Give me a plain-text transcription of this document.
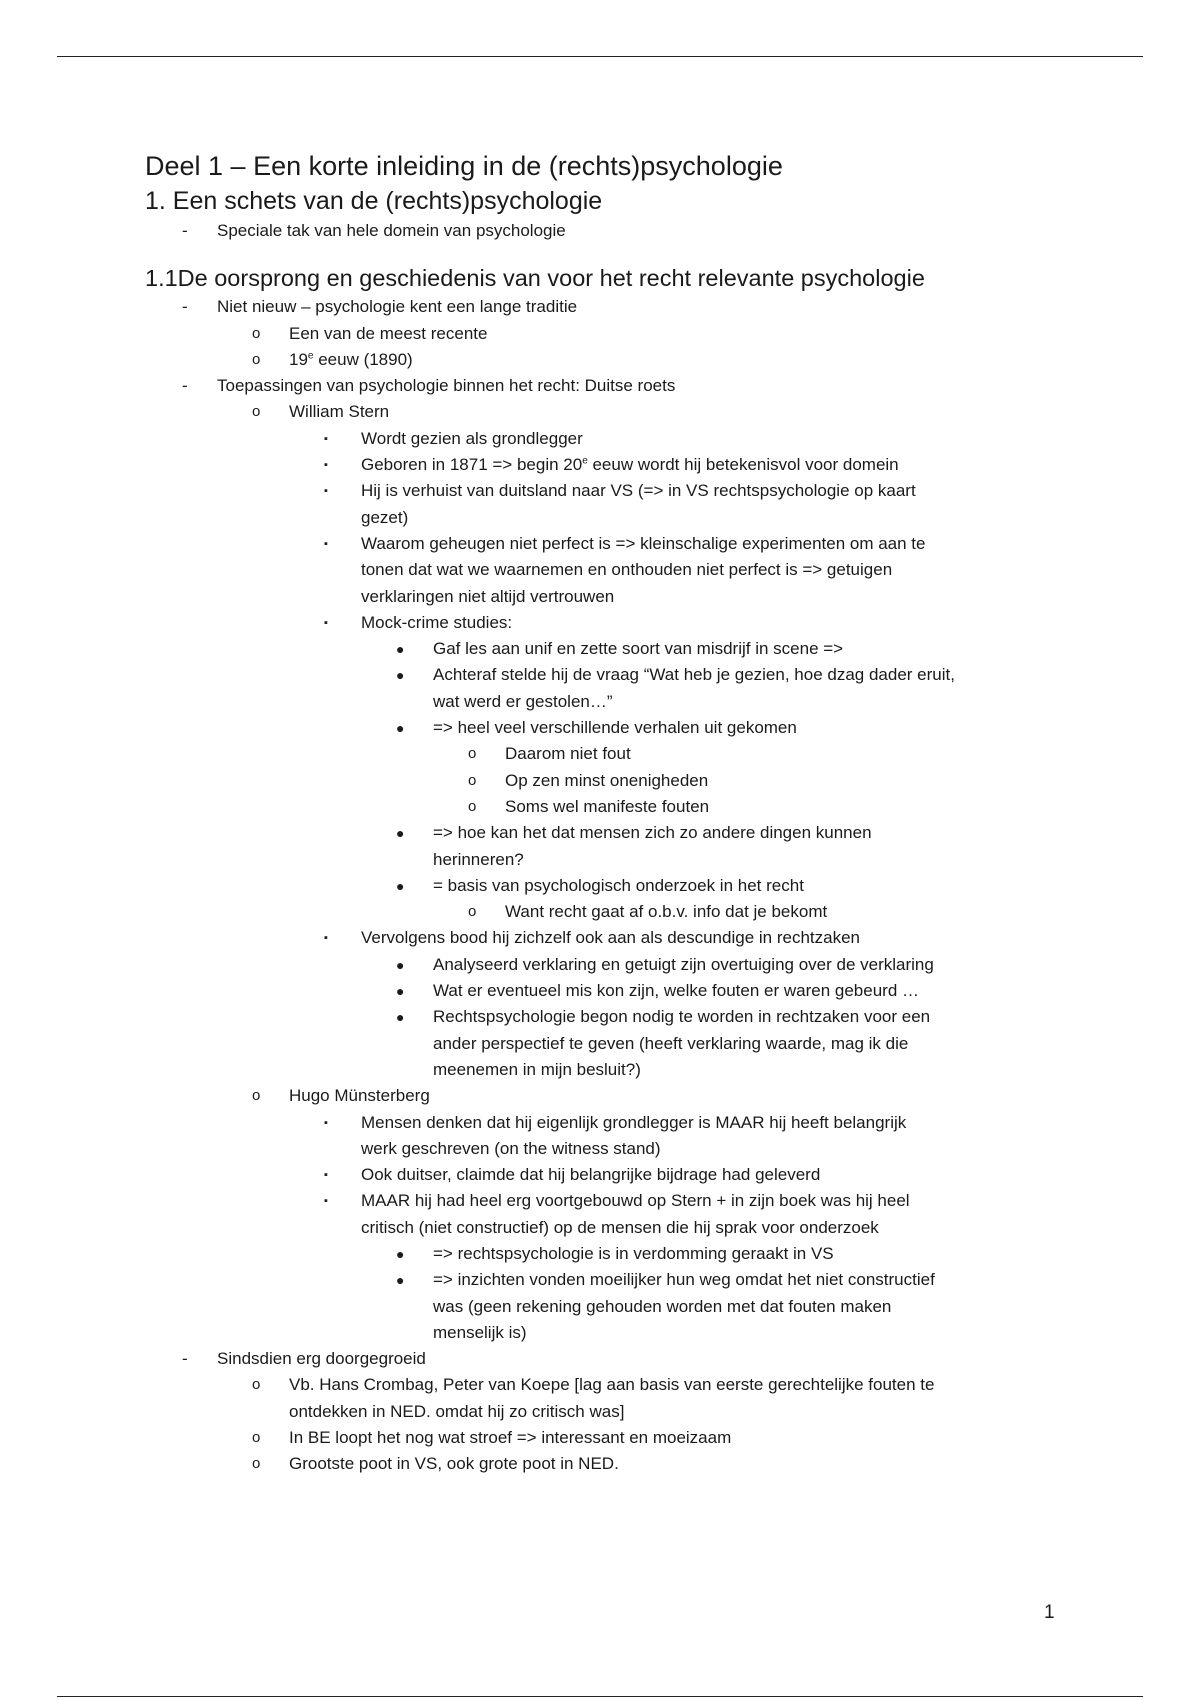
Deel 1 – Een korte inleiding in de (rechts)psychologie
1. Een schets van de (rechts)psychologie
- Speciale tak van hele domein van psychologie
1.1De oorsprong en geschiedenis van voor het recht relevante psychologie
- Niet nieuw – psychologie kent een lange traditie
o Een van de meest recente
o 19e eeuw (1890)
- Toepassingen van psychologie binnen het recht: Duitse roets
o William Stern
▪ Wordt gezien als grondlegger
▪ Geboren in 1871 => begin 20e eeuw wordt hij betekenisvol voor domein
▪ Hij is verhuist van duitsland naar VS (=> in VS rechtspsychologie op kaart
gezet)
▪ Waarom geheugen niet perfect is => kleinschalige experimenten om aan te
tonen dat wat we waarnemen en onthouden niet perfect is => getuigen
verklaringen niet altijd vertrouwen
▪ Mock-crime studies:
● Gaf les aan unif en zette soort van misdrijf in scene =>
● Achteraf stelde hij de vraag “Wat heb je gezien, hoe dzag dader eruit,
wat werd er gestolen…”
● => heel veel verschillende verhalen uit gekomen
o Daarom niet fout
o Op zen minst onenigheden
o Soms wel manifeste fouten
● => hoe kan het dat mensen zich zo andere dingen kunnen
herinneren?
● = basis van psychologisch onderzoek in het recht
o Want recht gaat af o.b.v. info dat je bekomt
▪ Vervolgens bood hij zichzelf ook aan als descundige in rechtzaken
● Analyseerd verklaring en getuigt zijn overtuiging over de verklaring
● Wat er eventueel mis kon zijn, welke fouten er waren gebeurd …
● Rechtspsychologie begon nodig te worden in rechtzaken voor een
ander perspectief te geven (heeft verklaring waarde, mag ik die
meenemen in mijn besluit?)
o Hugo Münsterberg
▪ Mensen denken dat hij eigenlijk grondlegger is MAAR hij heeft belangrijk
werk geschreven (on the witness stand)
▪ Ook duitser, claimde dat hij belangrijke bijdrage had geleverd
▪ MAAR hij had heel erg voortgebouwd op Stern + in zijn boek was hij heel
critisch (niet constructief) op de mensen die hij sprak voor onderzoek
● => rechtspsychologie is in verdomming geraakt in VS
● => inzichten vonden moeilijker hun weg omdat het niet constructief
was (geen rekening gehouden worden met dat fouten maken
menselijk is)
- Sindsdien erg doorgegroeid
o Vb. Hans Crombag, Peter van Koepe [lag aan basis van eerste gerechtelijke fouten te
ontdekken in NED. omdat hij zo critisch was]
o In BE loopt het nog wat stroef => interessant en moeizaam
o Grootste poot in VS, ook grote poot in NED.
1
